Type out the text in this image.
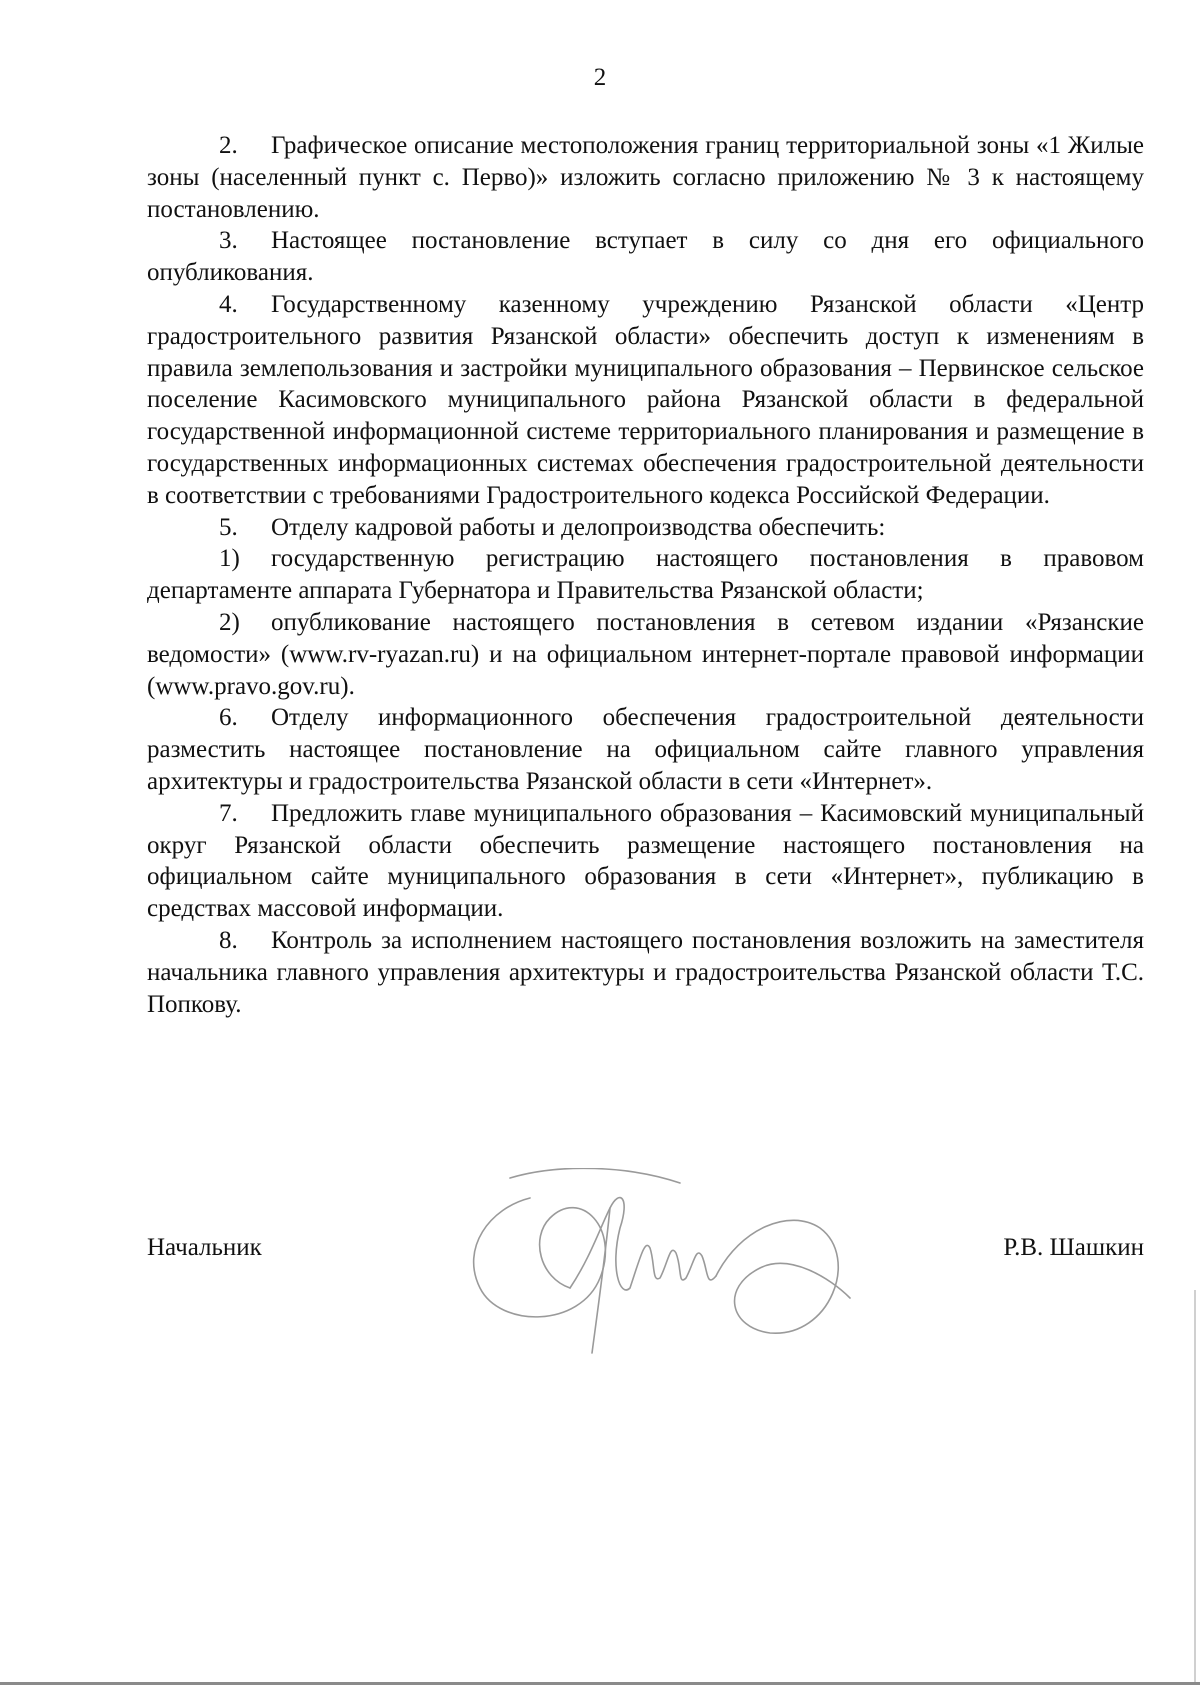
2

2. Графическое описание местоположения границ территориальной зоны «1 Жилые зоны (населенный пункт с. Перво)» изложить согласно приложению № 3 к настоящему постановлению.

3. Настоящее постановление вступает в силу со дня его официального опубликования.

4. Государственному казенному учреждению Рязанской области «Центр градостроительного развития Рязанской области» обеспечить доступ к изменениям в правила землепользования и застройки муниципального образования – Первинское сельское поселение Касимовского муниципального района Рязанской области в федеральной государственной информационной системе территориального планирования и размещение в государственных информационных системах обеспечения градостроительной деятельности в соответствии с требованиями Градостроительного кодекса Российской Федерации.

5. Отделу кадровой работы и делопроизводства обеспечить:

1) государственную регистрацию настоящего постановления в правовом департаменте аппарата Губернатора и Правительства Рязанской области;

2) опубликование настоящего постановления в сетевом издании «Рязанские ведомости» (www.rv-ryazan.ru) и на официальном интернет-портале правовой информации (www.pravo.gov.ru).

6. Отделу информационного обеспечения градостроительной деятельности разместить настоящее постановление на официальном сайте главного управления архитектуры и градостроительства Рязанской области в сети «Интернет».

7. Предложить главе муниципального образования – Касимовский муниципальный округ Рязанской области обеспечить размещение настоящего постановления на официальном сайте муниципального образования в сети «Интернет», публикацию в средствах массовой информации.

8. Контроль за исполнением настоящего постановления возложить на заместителя начальника главного управления архитектуры и градостроительства Рязанской области Т.С. Попкову.

Начальник	Р.В. Шашкин
